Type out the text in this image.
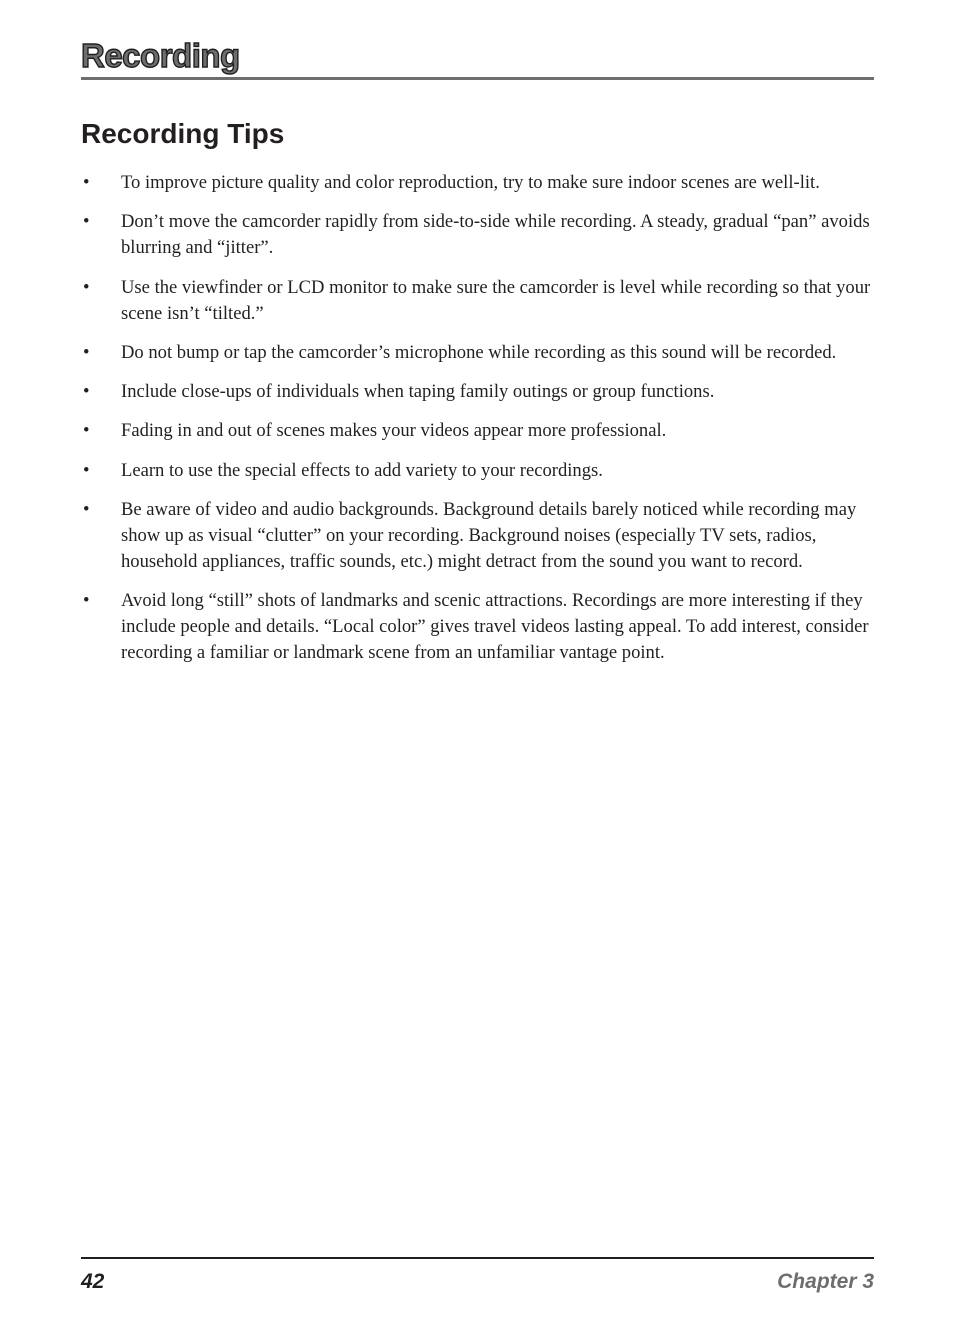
Recording
Recording Tips
• To improve picture quality and color reproduction, try to make sure indoor scenes are well-lit.
• Don’t move the camcorder rapidly from side-to-side while recording. A steady, gradual “pan” avoids blurring and “jitter”.
• Use the viewfinder or LCD monitor to make sure the camcorder is level while recording so that your scene isn’t “tilted.”
• Do not bump or tap the camcorder’s microphone while recording as this sound will be recorded.
• Include close-ups of individuals when taping family outings or group functions.
• Fading in and out of scenes makes your videos appear more professional.
• Learn to use the special effects to add variety to your recordings.
• Be aware of video and audio backgrounds. Background details barely noticed while recording may show up as visual “clutter” on your recording. Background noises (especially TV sets, radios, household appliances, traffic sounds, etc.) might detract from the sound you want to record.
• Avoid long “still” shots of landmarks and scenic attractions. Recordings are more interesting if they include people and details. “Local color” gives travel videos lasting appeal. To add interest, consider recording a familiar or landmark scene from an unfamiliar vantage point.
42	Chapter 3
